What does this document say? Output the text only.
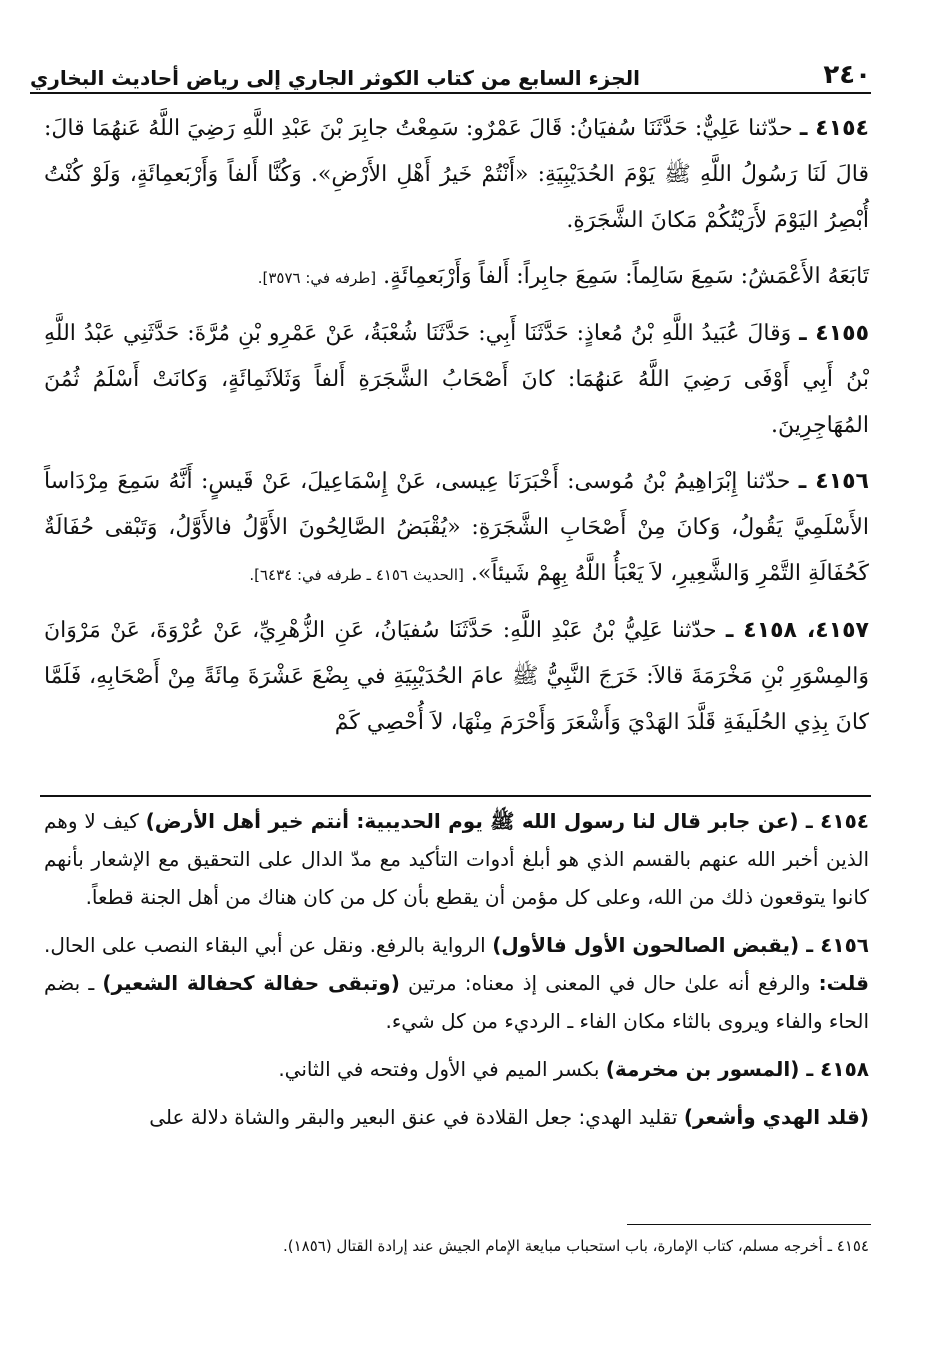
٢٤٠
الجزء السابع من كتاب الكوثر الجاري إلى رياض أحاديث البخاري

٤١٥٤ ـ حدّثنا عَلِيٌّ: حَدَّثَنَا سُفيَانُ: قَالَ عَمْرٌو: سَمِعْتُ جابِرَ بْنَ عَبْدِ اللَّهِ رَضِيَ اللَّهُ عَنهُمَا قالَ: قالَ لَنَا رَسُولُ اللَّهِ ﷺ يَوْمَ الحُدَيْبِيَةِ: «أَنْتُمْ خَيرُ أَهْلِ الأَرْضِ». وَكُنَّا أَلفاً وَأَرْبَعمِائَةٍ، وَلَوْ كُنْتُ أُبْصِرُ اليَوْمَ لأَرَيْتُكُمْ مَكانَ الشَّجَرَةِ.

تَابَعَهُ الأَعْمَشُ: سَمِعَ سَالِماً: سَمِعَ جابِراً: أَلفاً وَأَرْبَعمِائَةٍ. [طرفه في: ٣٥٧٦].

٤١٥٥ ـ وَقالَ عُبَيدُ اللَّهِ بْنُ مُعاذٍ: حَدَّثَنَا أَبِي: حَدَّثَنَا شُعْبَةُ، عَنْ عَمْرِو بْنِ مُرَّةَ: حَدَّثَنِي عَبْدُ اللَّهِ بْنُ أَبِي أَوْفَى رَضِيَ اللَّهُ عَنهُمَا: كانَ أَصْحَابُ الشَّجَرَةِ أَلفاً وَثَلاَثَمِائَةٍ، وَكانَتْ أَسْلَمُ ثُمُنَ المُهَاجِرِينَ.

٤١٥٦ ـ حدّثنا إِبْرَاهِيمُ بْنُ مُوسى: أَخْبَرَنَا عِيسى، عَنْ إِسْمَاعِيلَ، عَنْ قَيسٍ: أَنَّهُ سَمِعَ مِرْدَاساً الأَسْلَمِيَّ يَقُولُ، وَكانَ مِنْ أَصْحَابِ الشَّجَرَةِ: «يُقْبَضُ الصَّالِحُونَ الأَوَّلُ فالأَوَّلُ، وَتَبْقى حُفَالَةٌ كَحُفَالَةِ التَّمْرِ وَالشَّعِيرِ، لاَ يَعْبَأُ اللَّهُ بِهِمْ شَيئاً». [الحديث ٤١٥٦ ـ طرفه في: ٦٤٣٤].

٤١٥٧، ٤١٥٨ ـ حدّثنا عَلِيُّ بْنُ عَبْدِ اللَّهِ: حَدَّثَنَا سُفيَانُ، عَنِ الزُّهْرِيِّ، عَنْ عُرْوَةَ، عَنْ مَرْوَانَ وَالمِسْوَرِ بْنِ مَخْرَمَةَ قالاَ: خَرَجَ النَّبِيُّ ﷺ عامَ الحُدَيْبِيَةِ في بِضْعَ عَشْرَةَ مِائَةً مِنْ أَصْحَابِهِ، فَلَمَّا كانَ بِذِي الحُلَيفَةِ قَلَّدَ الهَدْيَ وَأَشْعَرَ وَأَحْرَمَ مِنْهَا، لاَ أُحْصِي كَمْ

٤١٥٤ ـ (عن جابر قال لنا رسول الله ﷺ يوم الحديبية: أنتم خير أهل الأرض) كيف لا وهم الذين أخبر الله عنهم بالقسم الذي هو أبلغ أدوات التأكيد مع مدّ الدال على التحقيق مع الإشعار بأنهم كانوا يتوقعون ذلك من الله، وعلى كل مؤمن أن يقطع بأن كل من كان هناك من أهل الجنة قطعاً.

٤١٥٦ ـ (يقبض الصالحون الأول فالأول) الرواية بالرفع. ونقل عن أبي البقاء النصب على الحال. قلت: والرفع أنه علىٰ حال في المعنى إذ معناه: مرتين (وتبقى حفالة كحفالة الشعير) ـ بضم الحاء والفاء ويروى بالثاء مكان الفاء ـ الرديء من كل شيء.

٤١٥٨ ـ (المسور بن مخرمة) بكسر الميم في الأول وفتحه في الثاني.

(قلد الهدي وأشعر) تقليد الهدي: جعل القلادة في عنق البعير والبقر والشاة دلالة على

٤١٥٤ ـ أخرجه مسلم، كتاب الإمارة، باب استحباب مبايعة الإمام الجيش عند إرادة القتال (١٨٥٦).
